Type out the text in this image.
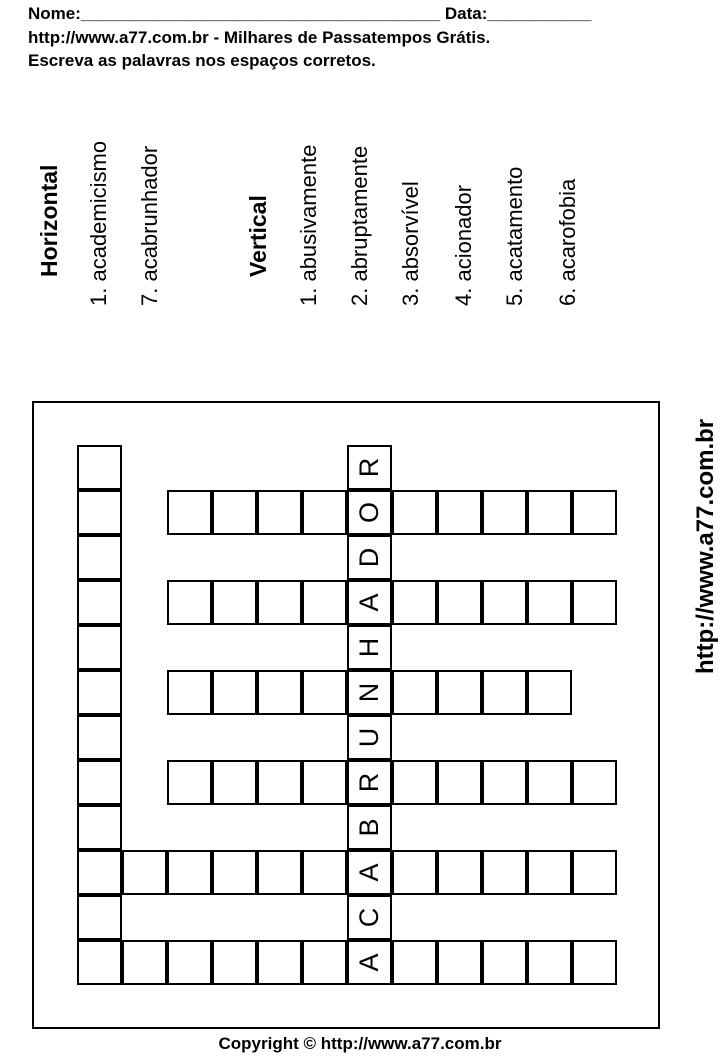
Nome:______________________________________ Data:___________
http://www.a77.com.br - Milhares de Passatempos Grátis.
Escreva as palavras nos espaços corretos.
Horizontal 1. academicismo 7. acabrunhador	Vertical 1. abusivamente 2. abruptamente 3. absorvível 4. acionador 5. acatamento 6. acarofobia
http://www.a77.com.br
R
O
D
A
H
N
U
R
B
A
C
A
Copyright © http://www.a77.com.br
